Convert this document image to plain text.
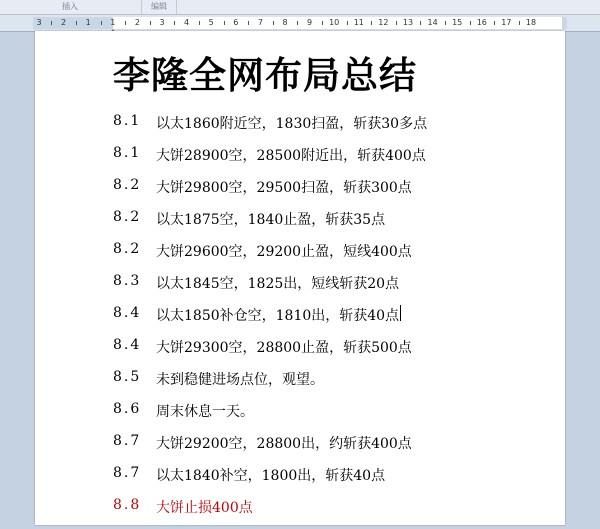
插入	编辑
3 2 1 1 2 3 4 5 6 7 8 9 10 11 12 13 14 15 16 17 18
李隆全网布局总结
8.1	以太1860附近空，1830扫盈，斩获30多点
8.1	大饼28900空，28500附近出，斩获400点
8.2	大饼29800空，29500扫盈，斩获300点
8.2	以太1875空，1840止盈，斩获35点
8.2	大饼29600空，29200止盈，短线400点
8.3	以太1845空，1825出，短线斩获20点
8.4	以太1850补仓空，1810出，斩获40点
8.4	大饼29300空，28800止盈，斩获500点
8.5	未到稳健进场点位，观望。
8.6	周末休息一天。
8.7	大饼29200空，28800出，约斩获400点
8.7	以太1840补空，1800出，斩获40点
8.8	大饼止损400点
